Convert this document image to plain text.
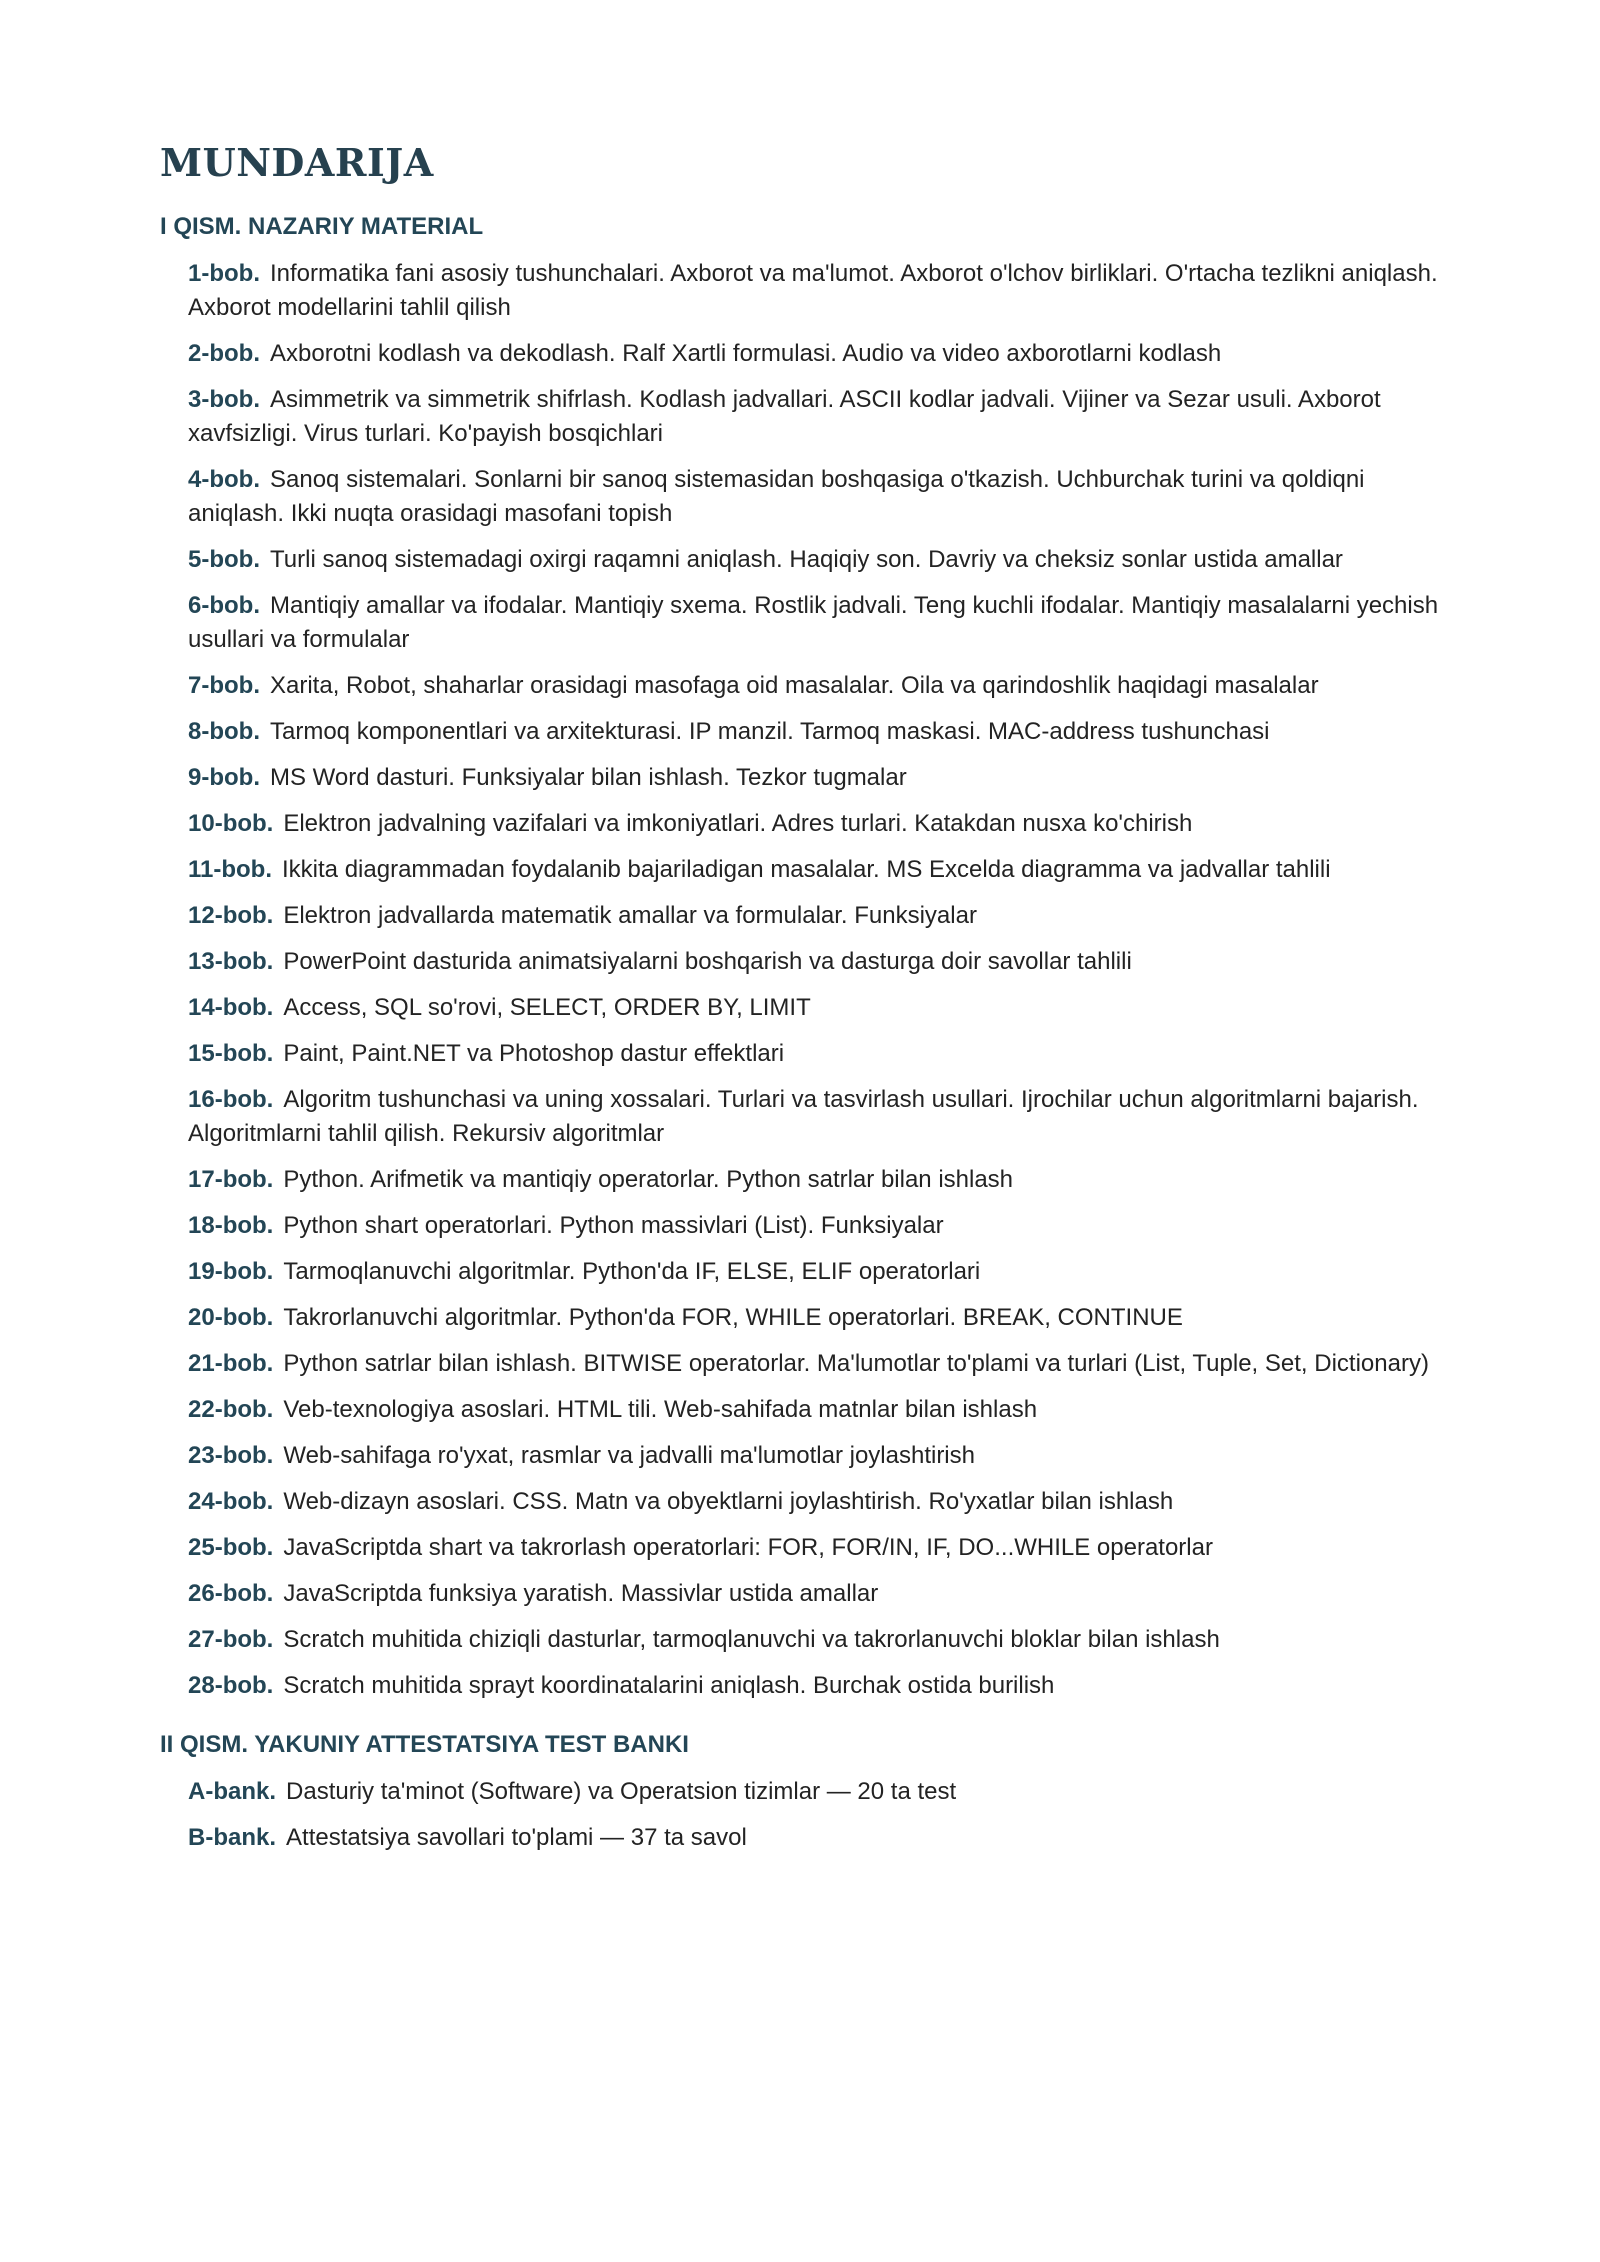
MUNDARIJA
I QISM. NAZARIY MATERIAL
1-bob. Informatika fani asosiy tushunchalari. Axborot va ma'lumot. Axborot o'lchov birliklari. O'rtacha tezlikni aniqlash. Axborot modellarini tahlil qilish
2-bob. Axborotni kodlash va dekodlash. Ralf Xartli formulasi. Audio va video axborotlarni kodlash
3-bob. Asimmetrik va simmetrik shifrlash. Kodlash jadvallari. ASCII kodlar jadvali. Vijiner va Sezar usuli. Axborot xavfsizligi. Virus turlari. Ko'payish bosqichlari
4-bob. Sanoq sistemalari. Sonlarni bir sanoq sistemasidan boshqasiga o'tkazish. Uchburchak turini va qoldiqni aniqlash. Ikki nuqta orasidagi masofani topish
5-bob. Turli sanoq sistemadagi oxirgi raqamni aniqlash. Haqiqiy son. Davriy va cheksiz sonlar ustida amallar
6-bob. Mantiqiy amallar va ifodalar. Mantiqiy sxema. Rostlik jadvali. Teng kuchli ifodalar. Mantiqiy masalalarni yechish usullari va formulalar
7-bob. Xarita, Robot, shaharlar orasidagi masofaga oid masalalar. Oila va qarindoshlik haqidagi masalalar
8-bob. Tarmoq komponentlari va arxitekturasi. IP manzil. Tarmoq maskasi. MAC-address tushunchasi
9-bob. MS Word dasturi. Funksiyalar bilan ishlash. Tezkor tugmalar
10-bob. Elektron jadvalning vazifalari va imkoniyatlari. Adres turlari. Katakdan nusxa ko'chirish
11-bob. Ikkita diagrammadan foydalanib bajariladigan masalalar. MS Excelda diagramma va jadvallar tahlili
12-bob. Elektron jadvallarda matematik amallar va formulalar. Funksiyalar
13-bob. PowerPoint dasturida animatsiyalarni boshqarish va dasturga doir savollar tahlili
14-bob. Access, SQL so'rovi, SELECT, ORDER BY, LIMIT
15-bob. Paint, Paint.NET va Photoshop dastur effektlari
16-bob. Algoritm tushunchasi va uning xossalari. Turlari va tasvirlash usullari. Ijrochilar uchun algoritmlarni bajarish. Algoritmlarni tahlil qilish. Rekursiv algoritmlar
17-bob. Python. Arifmetik va mantiqiy operatorlar. Python satrlar bilan ishlash
18-bob. Python shart operatorlari. Python massivlari (List). Funksiyalar
19-bob. Tarmoqlanuvchi algoritmlar. Python'da IF, ELSE, ELIF operatorlari
20-bob. Takrorlanuvchi algoritmlar. Python'da FOR, WHILE operatorlari. BREAK, CONTINUE
21-bob. Python satrlar bilan ishlash. BITWISE operatorlar. Ma'lumotlar to'plami va turlari (List, Tuple, Set, Dictionary)
22-bob. Veb-texnologiya asoslari. HTML tili. Web-sahifada matnlar bilan ishlash
23-bob. Web-sahifaga ro'yxat, rasmlar va jadvalli ma'lumotlar joylashtirish
24-bob. Web-dizayn asoslari. CSS. Matn va obyektlarni joylashtirish. Ro'yxatlar bilan ishlash
25-bob. JavaScriptda shart va takrorlash operatorlari: FOR, FOR/IN, IF, DO...WHILE operatorlar
26-bob. JavaScriptda funksiya yaratish. Massivlar ustida amallar
27-bob. Scratch muhitida chiziqli dasturlar, tarmoqlanuvchi va takrorlanuvchi bloklar bilan ishlash
28-bob. Scratch muhitida sprayt koordinatalarini aniqlash. Burchak ostida burilish
II QISM. YAKUNIY ATTESTATSIYA TEST BANKI
A-bank. Dasturiy ta'minot (Software) va Operatsion tizimlar — 20 ta test
B-bank. Attestatsiya savollari to'plami — 37 ta savol
